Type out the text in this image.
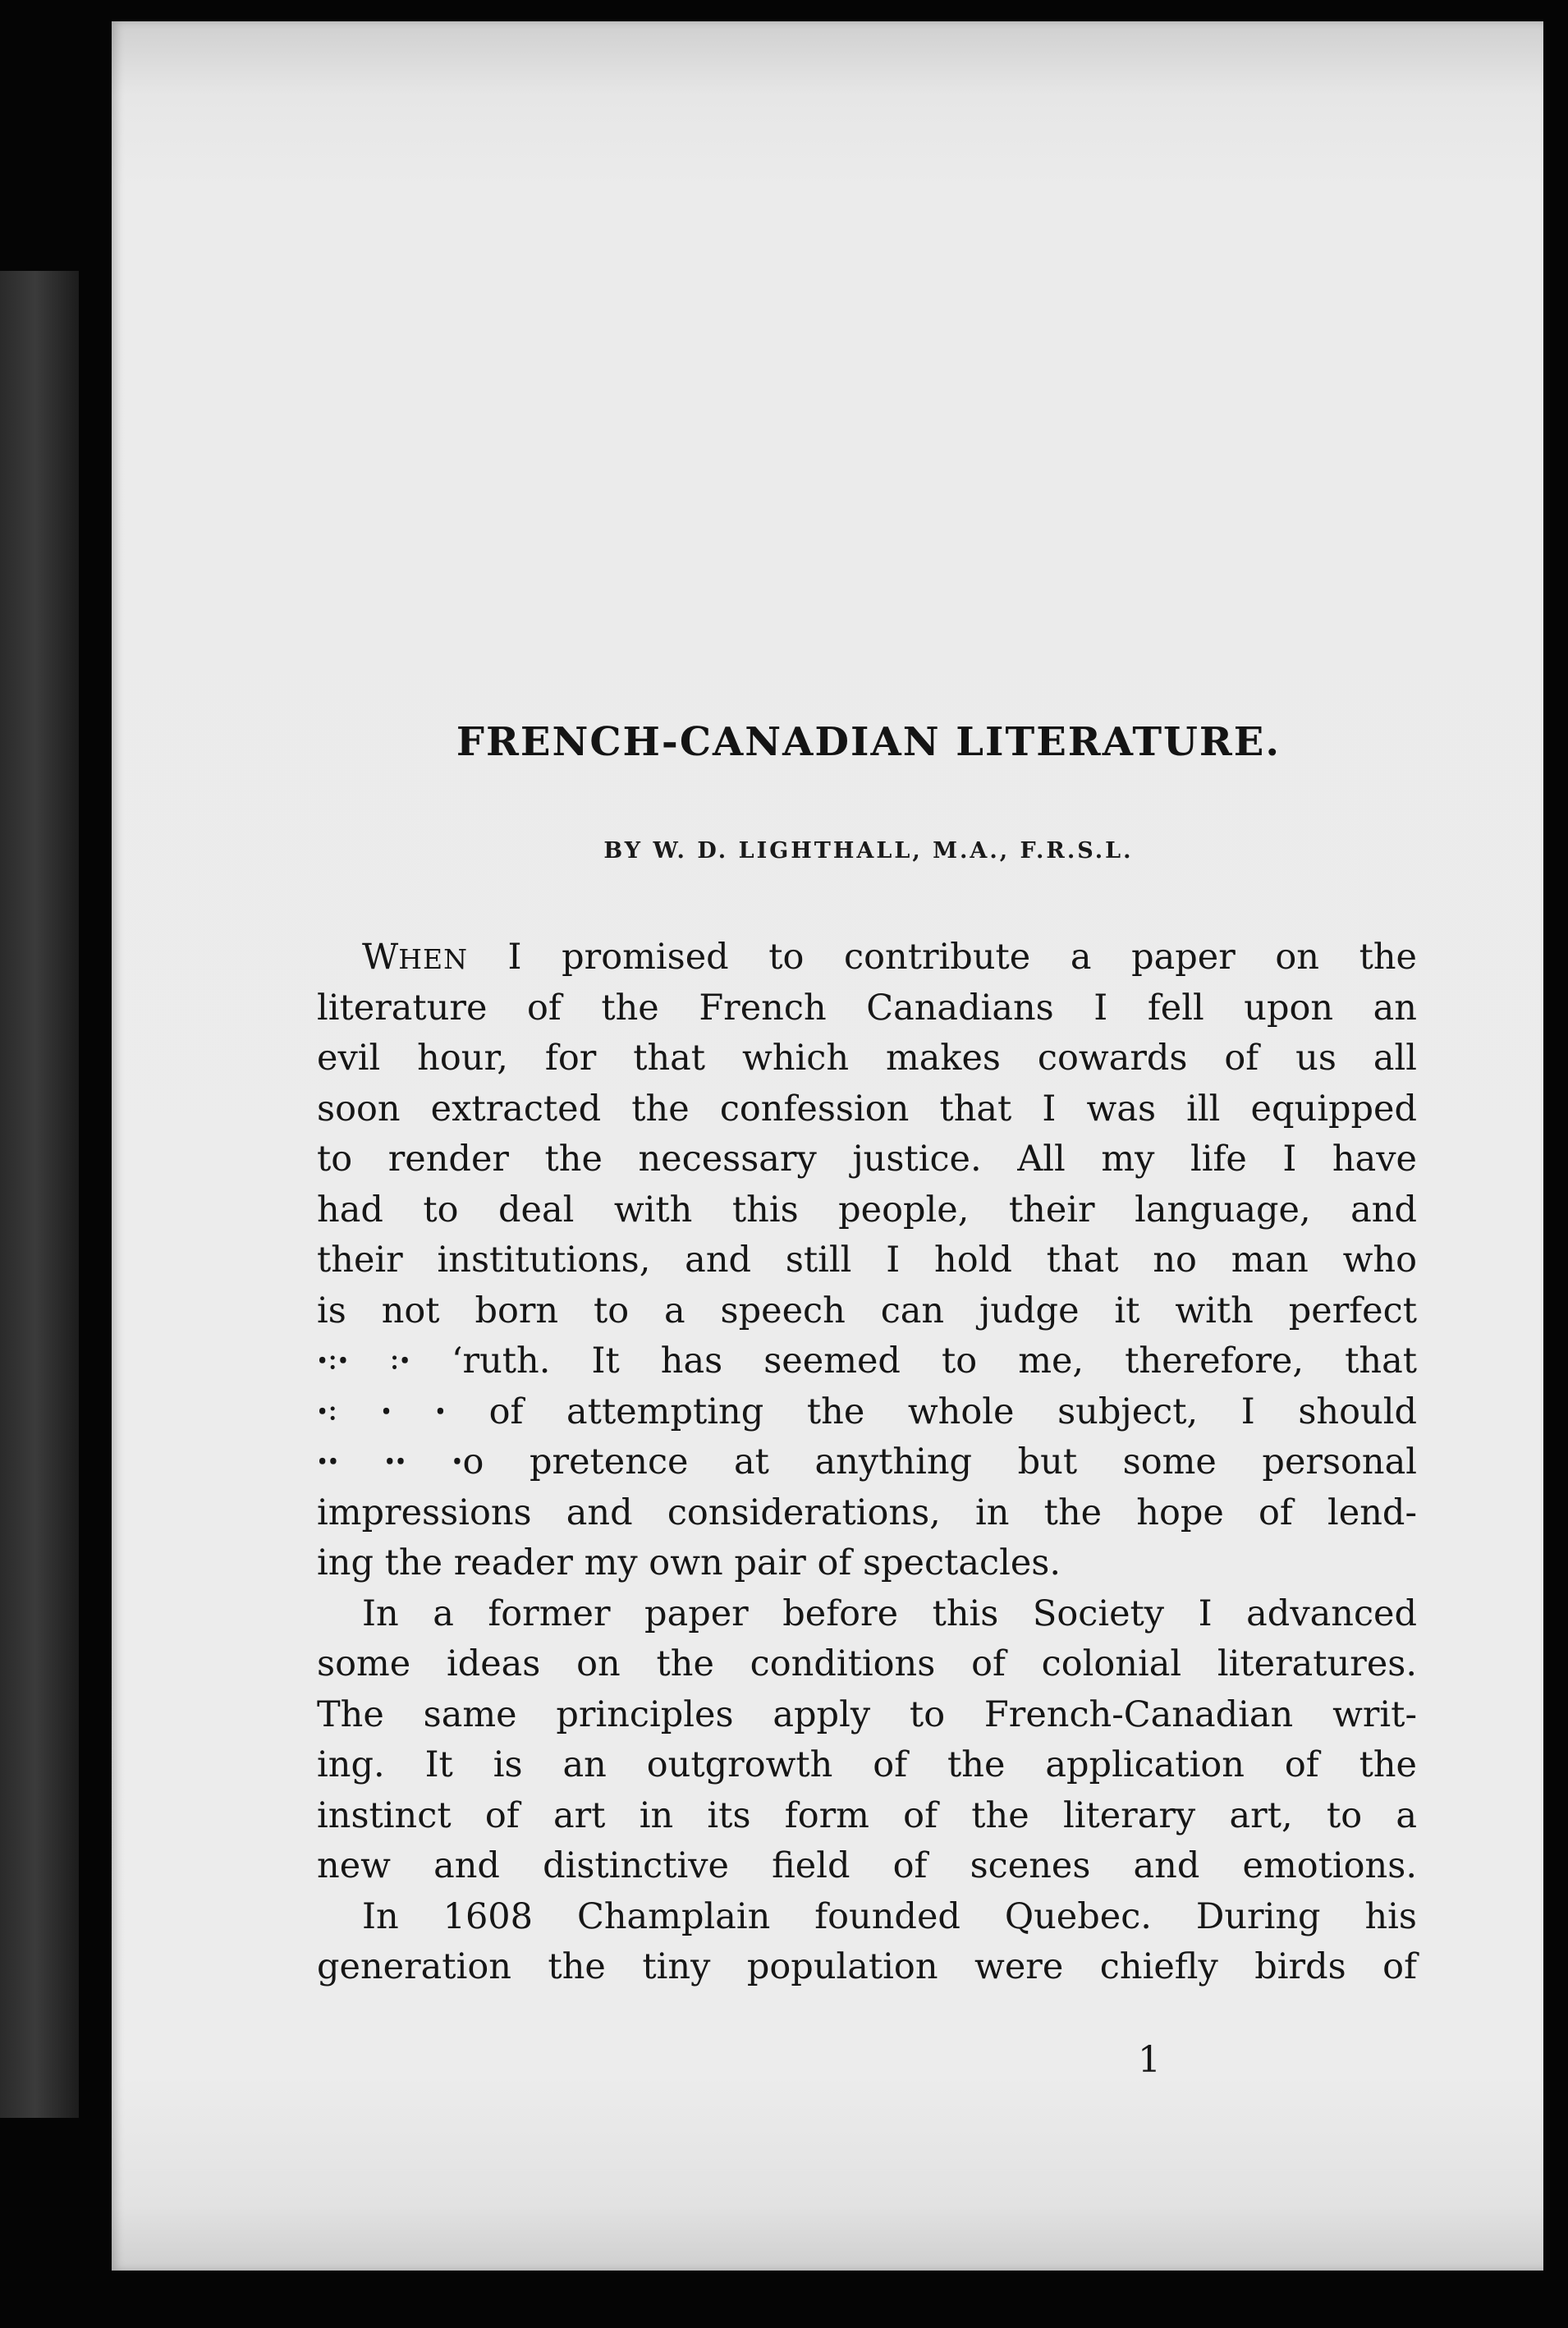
FRENCH-CANADIAN LITERATURE.
BY W. D. LIGHTHALL, M.A., F.R.S.L.
WHEN I promised to contribute a paper on the
literature of the French Canadians I fell upon an
evil hour, for that which makes cowards of us all
soon extracted the confession that I was ill equipped
to render the necessary justice. All my life I have
had to deal with this people, their language, and
their institutions, and still I hold that no man who
is not born to a speech can judge it with perfect
ꞏ꞉ꞏ ꞉ꞏ ‘ruth. It has seemed to me, therefore, that
ꞏ꞉ ꞏ ꞏ of attempting the whole subject, I should
ꞏꞏ ꞏꞏ ꞏo pretence at anything but some personal
impressions and considerations, in the hope of lend-
ing the reader my own pair of spectacles.
In a former paper before this Society I advanced
some ideas on the conditions of colonial literatures.
The same principles apply to French-Canadian writ-
ing. It is an outgrowth of the application of the
instinct of art in its form of the literary art, to a
new and distinctive field of scenes and emotions.
In 1608 Champlain founded Quebec. During his
generation the tiny population were chiefly birds of
1
